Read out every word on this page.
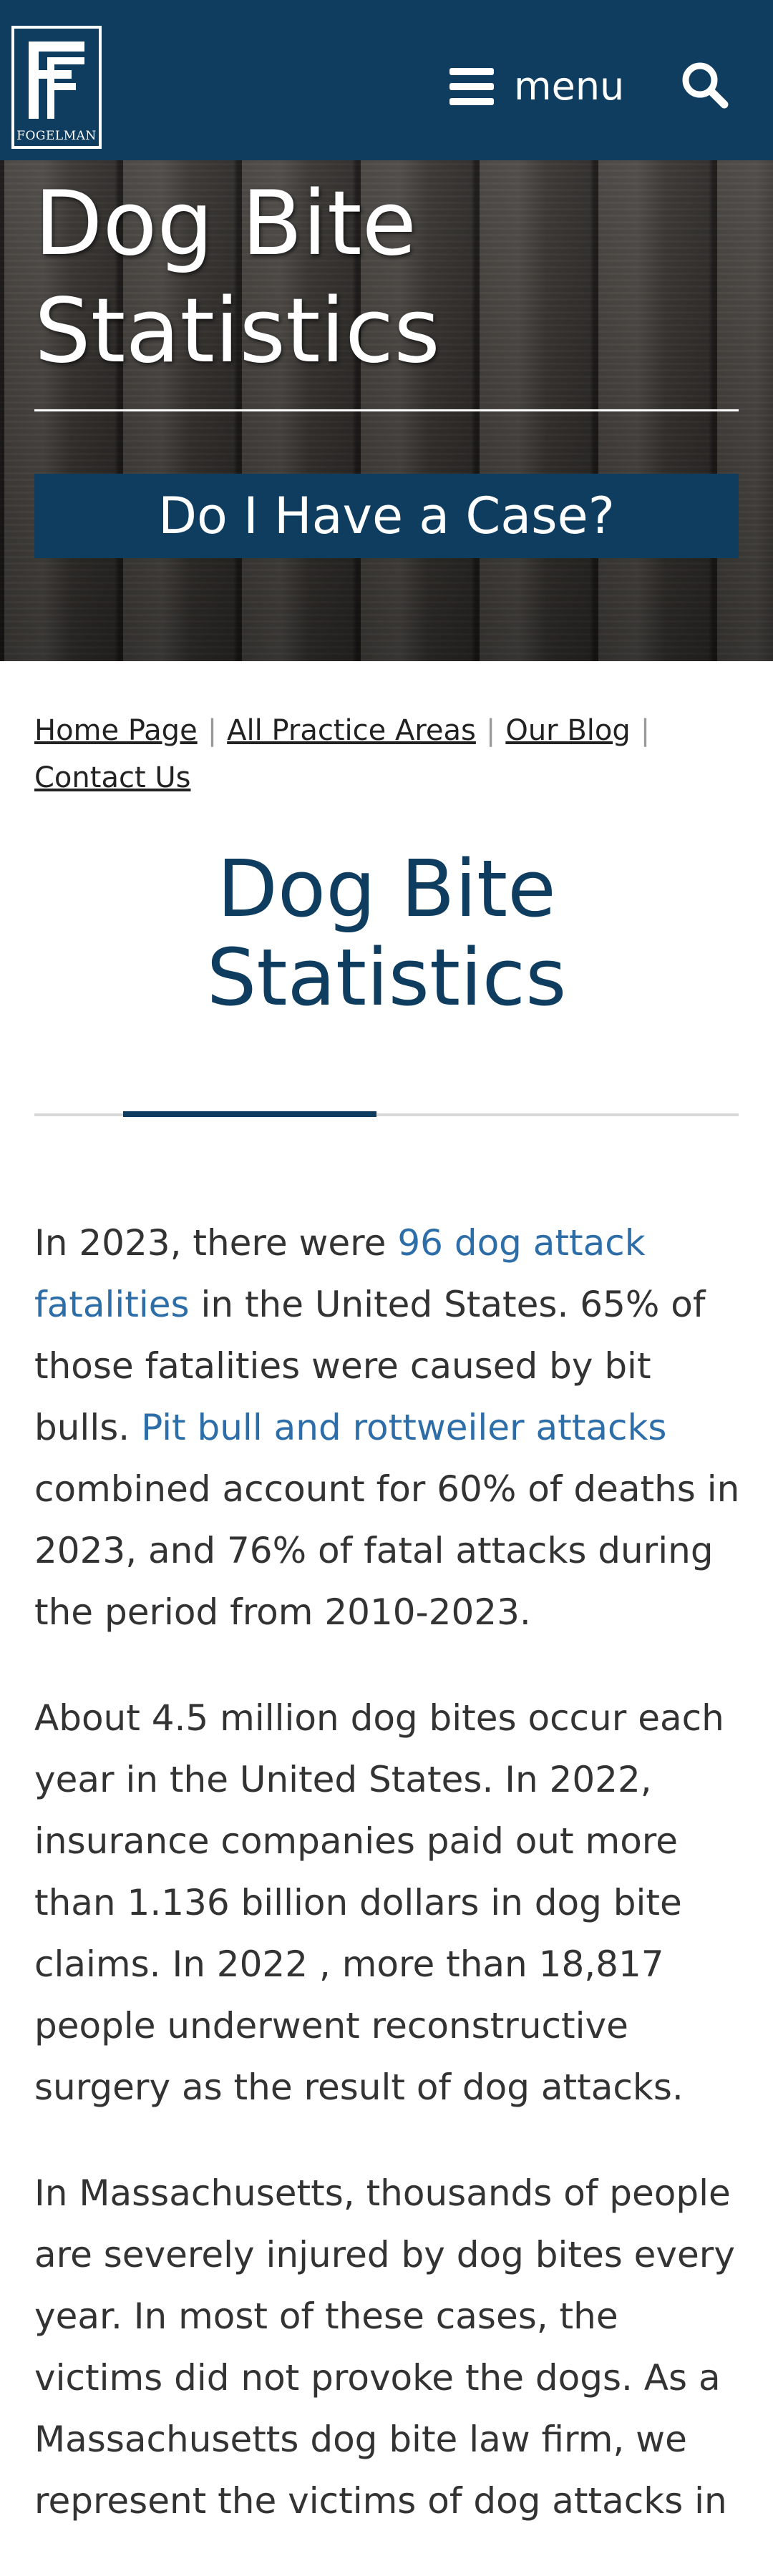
FOGELMAN
menu
Dog Bite Statistics
Do I Have a Case?
Home Page | All Practice Areas | Our Blog |
Contact Us
Dog Bite Statistics

In 2023, there were 96 dog attack fatalities in the United States. 65% of those fatalities were caused by bit bulls. Pit bull and rottweiler attacks combined account for 60% of deaths in 2023, and 76% of fatal attacks during the period from 2010-2023.

About 4.5 million dog bites occur each year in the United States. In 2022, insurance companies paid out more than 1.136 billion dollars in dog bite claims. In 2022 , more than 18,817 people underwent reconstructive surgery as the result of dog attacks.

In Massachusetts, thousands of people are severely injured by dog bites every year. In most of these cases, the victims did not provoke the dogs. As a Massachusetts dog bite law firm, we represent the victims of dog attacks in
